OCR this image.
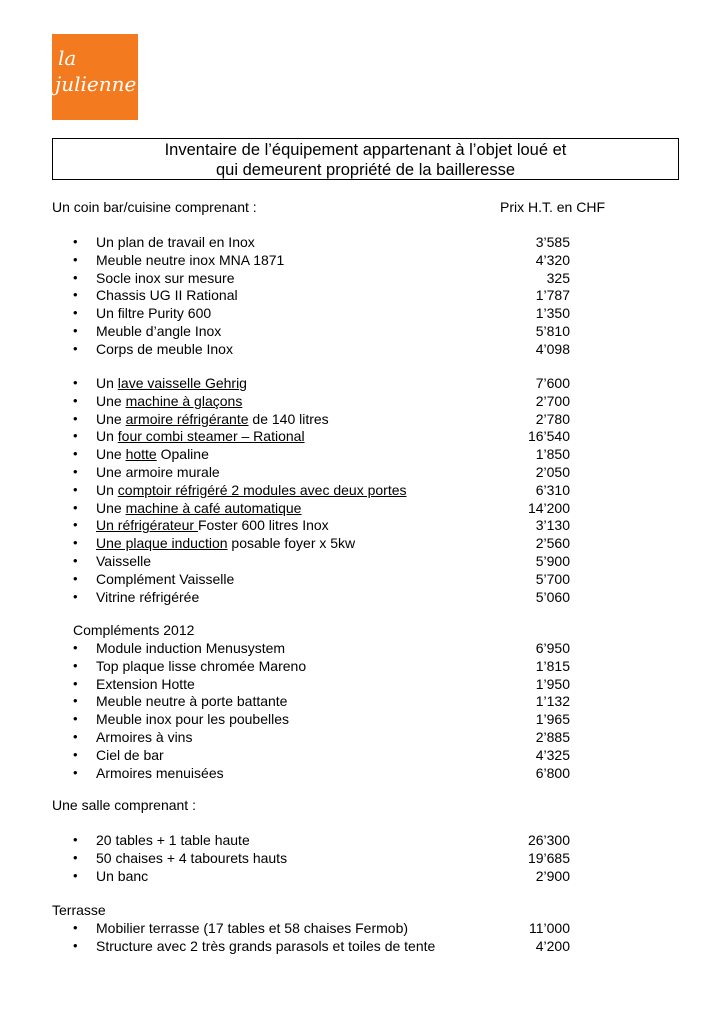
la
julienne
Inventaire de l’équipement appartenant à l’objet loué et
qui demeurent propriété de la bailleresse
Un coin bar/cuisine comprenant :	Prix H.T. en CHF
• Un plan de travail en Inox	3’585
• Meuble neutre inox MNA 1871	4’320
• Socle inox sur mesure	325
• Chassis UG II Rational	1’787
• Un filtre Purity 600	1’350
• Meuble d’angle Inox	5’810
• Corps de meuble Inox	4’098
• Un lave vaisselle Gehrig	7’600
• Une machine à glaçons	2’700
• Une armoire réfrigérante de 140 litres	2’780
• Un four combi steamer – Rational	16’540
• Une hotte Opaline	1’850
• Une armoire murale	2’050
• Un comptoir réfrigéré 2 modules avec deux portes	6’310
• Une machine à café automatique	14’200
• Un réfrigérateur Foster 600 litres Inox	3’130
• Une plaque induction posable foyer x 5kw	2’560
• Vaisselle	5’900
• Complément Vaisselle	5’700
• Vitrine réfrigérée	5’060
Compléments 2012
• Module induction Menusystem	6’950
• Top plaque lisse chromée Mareno	1’815
• Extension Hotte	1’950
• Meuble neutre à porte battante	1’132
• Meuble inox pour les poubelles	1’965
• Armoires à vins	2’885
• Ciel de bar	4’325
• Armoires menuisées	6’800
Une salle comprenant :
• 20 tables + 1 table haute	26’300
• 50 chaises + 4 tabourets hauts	19’685
• Un banc	2’900
Terrasse
• Mobilier terrasse (17 tables et 58 chaises Fermob)	11’000
• Structure avec 2 très grands parasols et toiles de tente	4’200
